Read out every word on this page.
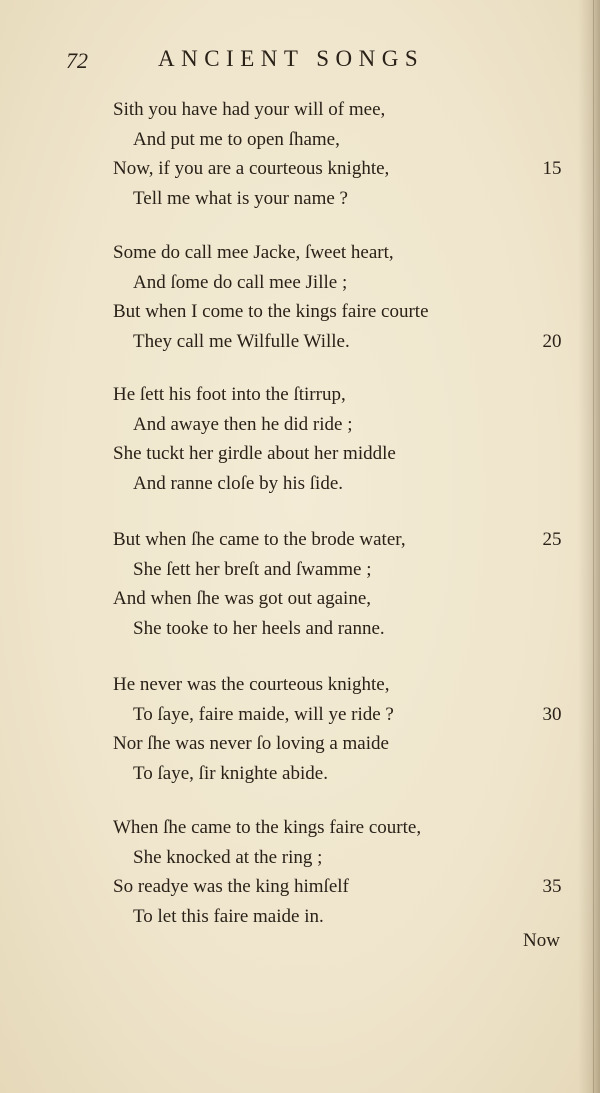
72	ANCIENT SONGS
Sith you have had your will of mee,
And put me to open ſhame,
Now, if you are a courteous knighte,	15
Tell me what is your name ?
Some do call mee Jacke, ſweet heart,
And ſome do call mee Jille ;
But when I come to the kings faire courte
They call me Wilfulle Wille.	20
He ſett his foot into the ſtirrup,
And awaye then he did ride ;
She tuckt her girdle about her middle
And ranne cloſe by his ſide.
But when ſhe came to the brode water,	25
She ſett her breſt and ſwamme ;
And when ſhe was got out againe,
She tooke to her heels and ranne.
He never was the courteous knighte,
To ſaye, faire maide, will ye ride ?	30
Nor ſhe was never ſo loving a maide
To ſaye, ſir knighte abide.
When ſhe came to the kings faire courte,
She knocked at the ring ;
So readye was the king himſelf	35
To let this faire maide in.
Now
